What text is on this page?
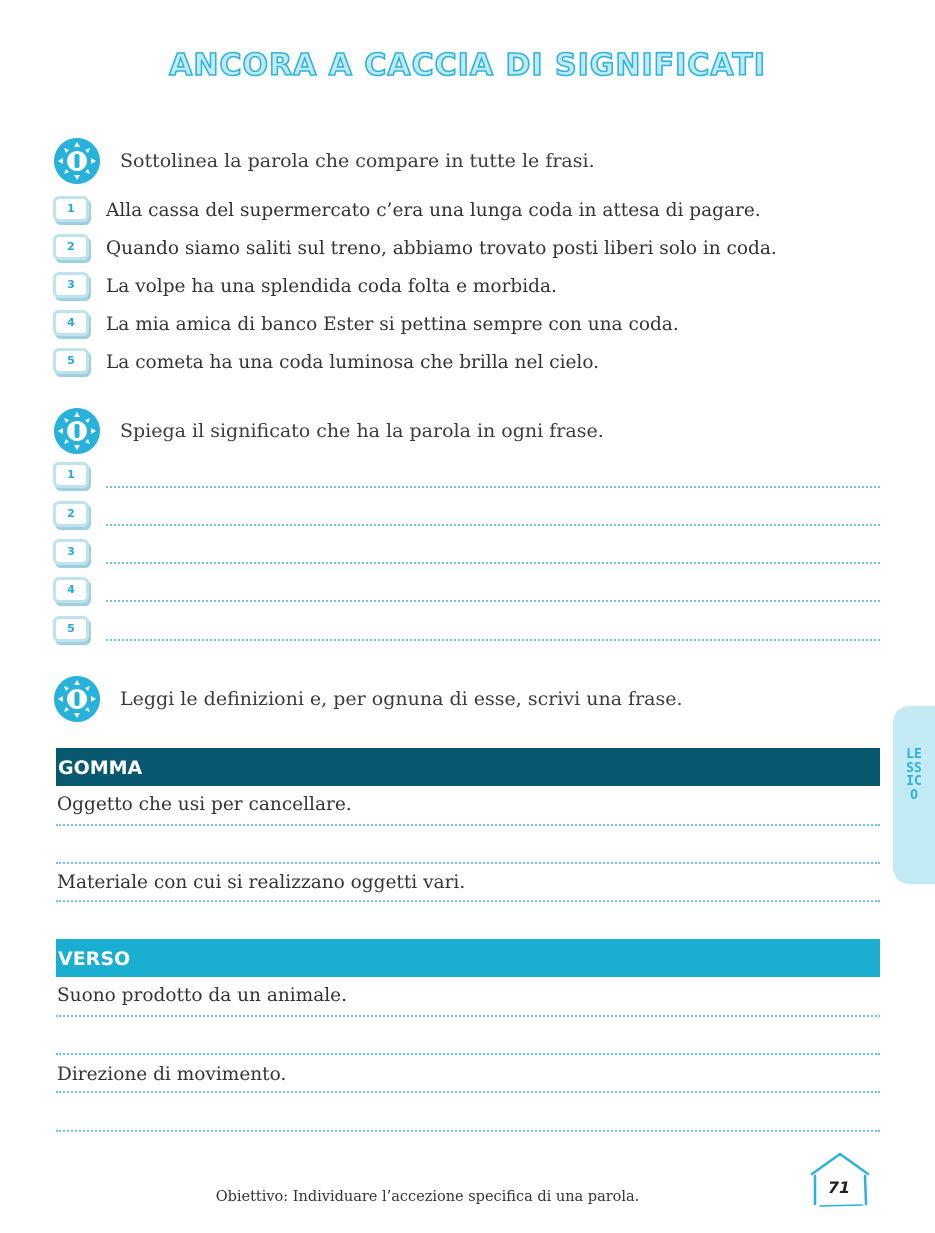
ANCORA A CACCIA DI SIGNIFICATI
Sottolinea la parola che compare in tutte le frasi.
1	Alla cassa del supermercato c’era una lunga coda in attesa di pagare.
2	Quando siamo saliti sul treno, abbiamo trovato posti liberi solo in coda.
3	La volpe ha una splendida coda folta e morbida.
4	La mia amica di banco Ester si pettina sempre con una coda.
5	La cometa ha una coda luminosa che brilla nel cielo.
Spiega il significato che ha la parola in ogni frase.
1
2
3
4
5
Leggi le definizioni e, per ognuna di esse, scrivi una frase.
GOMMA
Oggetto che usi per cancellare.
Materiale con cui si realizzano oggetti vari.
VERSO
Suono prodotto da un animale.
Direzione di movimento.
LESSICO
Obiettivo: Individuare l’accezione specifica di una parola.	71
